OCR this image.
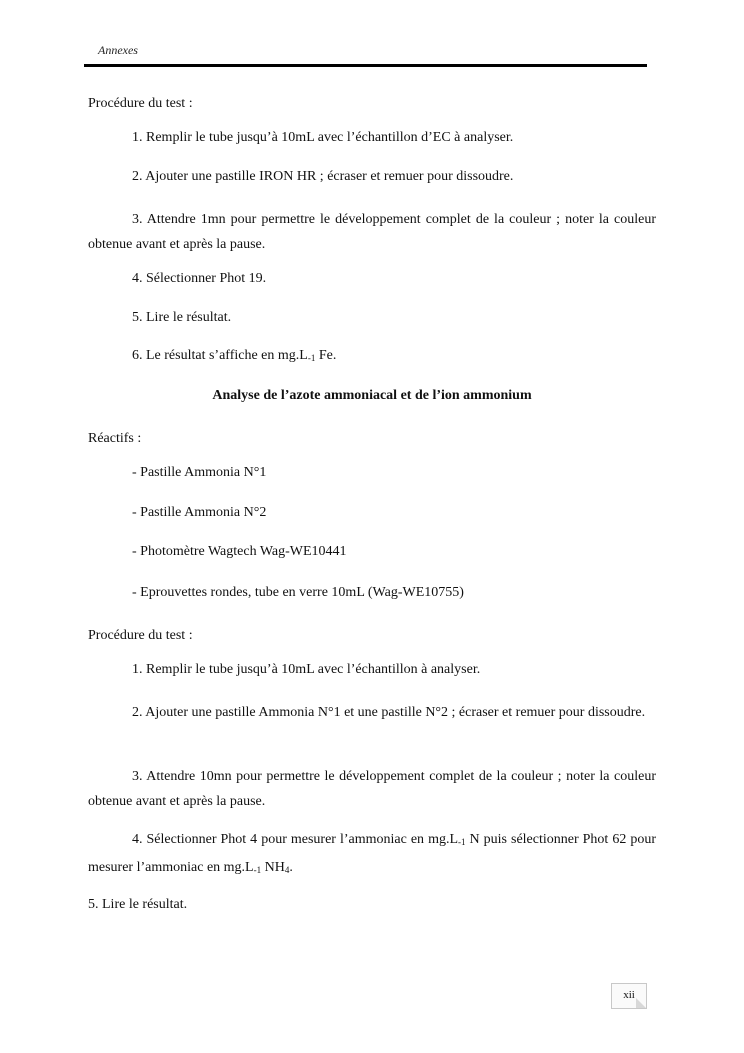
Annexes
Procédure du test :
1. Remplir le tube jusqu’à 10mL avec l’échantillon d’EC à analyser.
2. Ajouter une pastille IRON HR ; écraser et remuer pour dissoudre.
3. Attendre 1mn pour permettre le développement complet de la couleur ; noter la couleur obtenue avant et après la pause.
4. Sélectionner Phot 19.
5. Lire le résultat.
6. Le résultat s’affiche en $mg.L_{-1}$ Fe.
Analyse de l’azote ammoniacal et de l’ion ammonium
Réactifs :
- Pastille Ammonia N°1
- Pastille Ammonia N°2
- Photomètre Wagtech Wag-WE10441
- Eprouvettes rondes, tube en verre 10mL (Wag-WE10755)
Procédure du test :
1. Remplir le tube jusqu’à 10mL avec l’échantillon à analyser.
2. Ajouter une pastille Ammonia N°1 et une pastille N°2 ; écraser et remuer pour dissoudre.
3. Attendre 10mn pour permettre le développement complet de la couleur ; noter la couleur obtenue avant et après la pause.
4. Sélectionner Phot 4 pour mesurer l’ammoniac en $mg.L_{-1}$ N puis sélectionner Phot 62 pour mesurer l’ammoniac en $mg.L_{-1}$ $NH_4$.
5. Lire le résultat.
xii
